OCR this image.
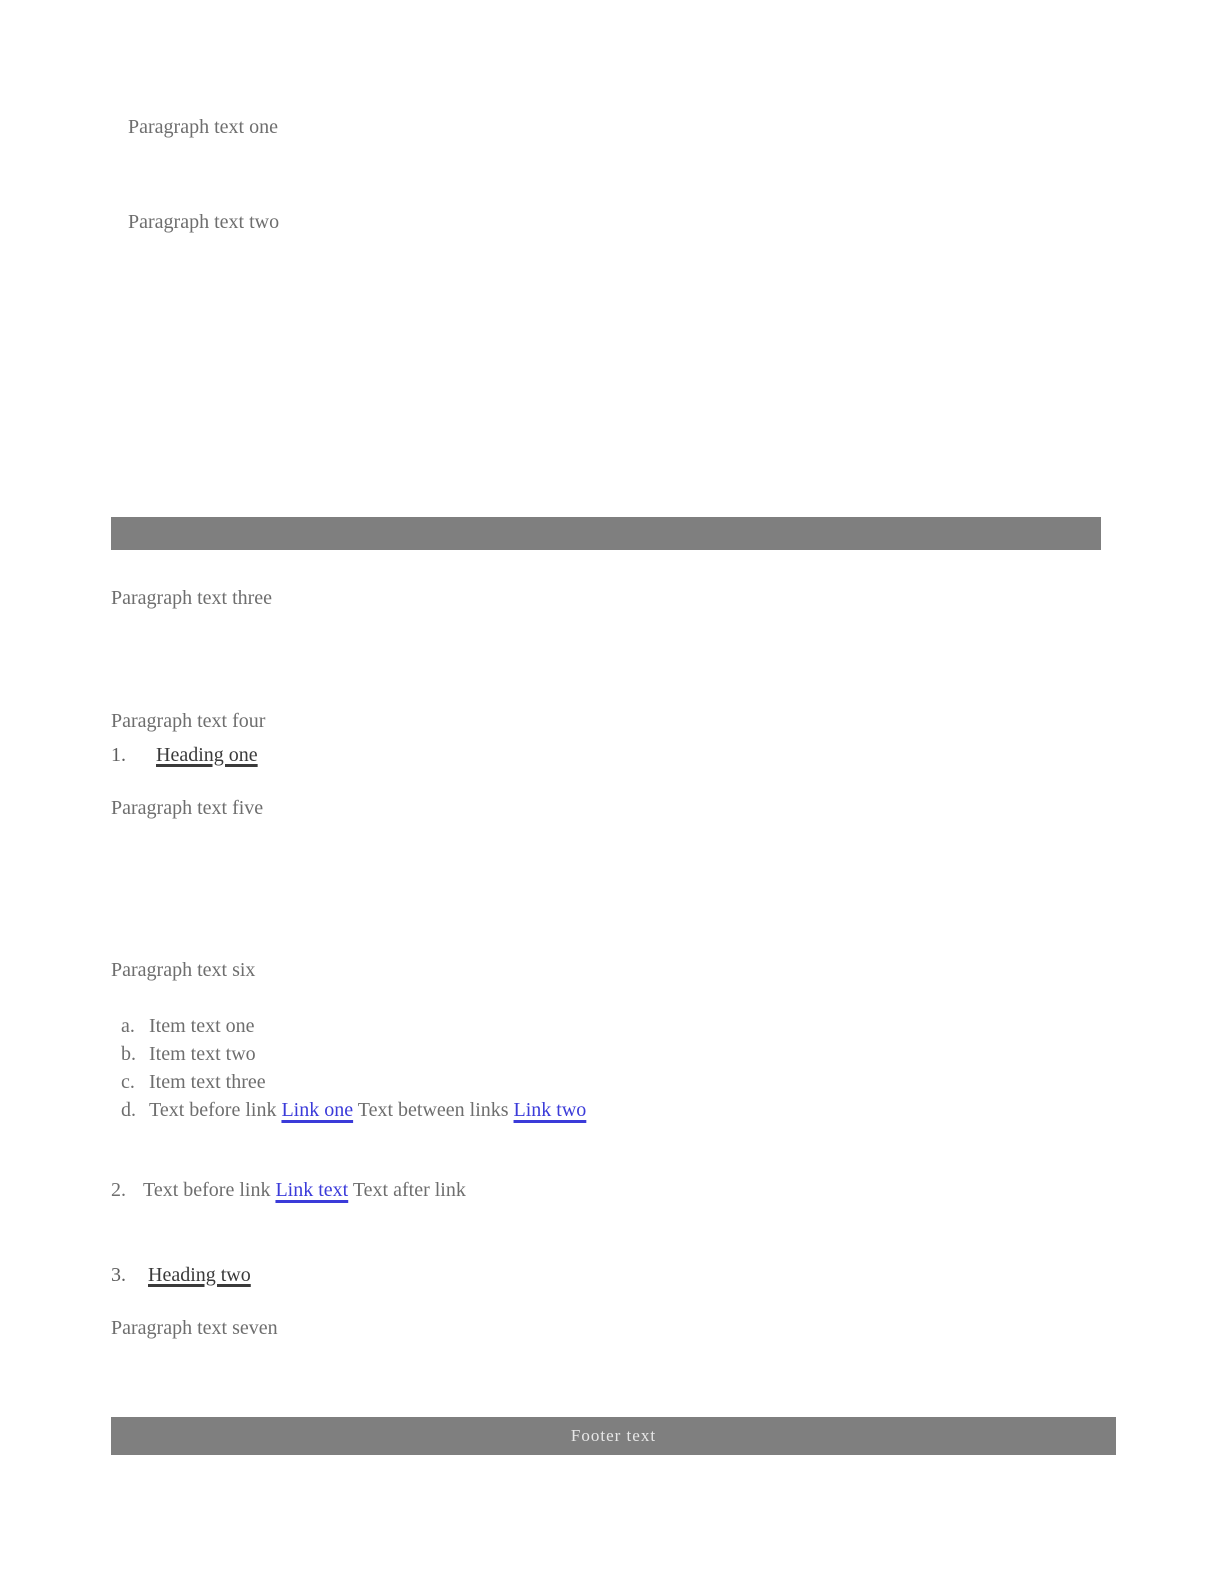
Paragraph text one

Paragraph text two

Paragraph text three

Paragraph text four

1. Heading one

Paragraph text five

Paragraph text six

a. Item text one
b. Item text two
c. Item text three
d. Text before link Link one Text between links Link two
2. Text before link Link text Text after link
3. Heading two

Paragraph text seven

Footer text
